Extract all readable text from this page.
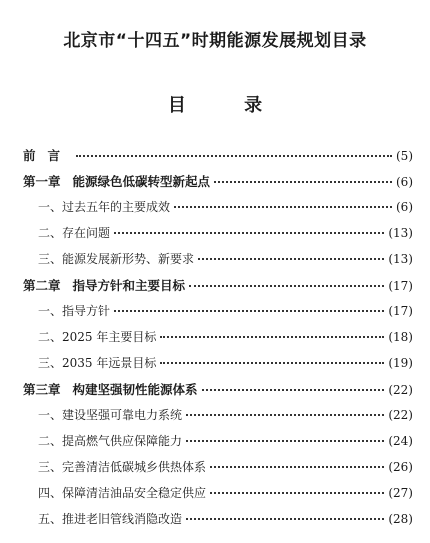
北京市“十四五”时期能源发展规划目录
目 录
前言	(5)
第一章 能源绿色低碳转型新起点	(6)
一、过去五年的主要成效	(6)
二、存在问题	(13)
三、能源发展新形势、新要求	(13)
第二章 指导方针和主要目标	(17)
一、指导方针	(17)
二、2025 年主要目标	(18)
三、2035 年远景目标	(19)
第三章 构建坚强韧性能源体系	(22)
一、建设坚强可靠电力系统	(22)
二、提高燃气供应保障能力	(24)
三、完善清洁低碳城乡供热体系	(26)
四、保障清洁油品安全稳定供应	(27)
五、推进老旧管线消隐改造	(28)
